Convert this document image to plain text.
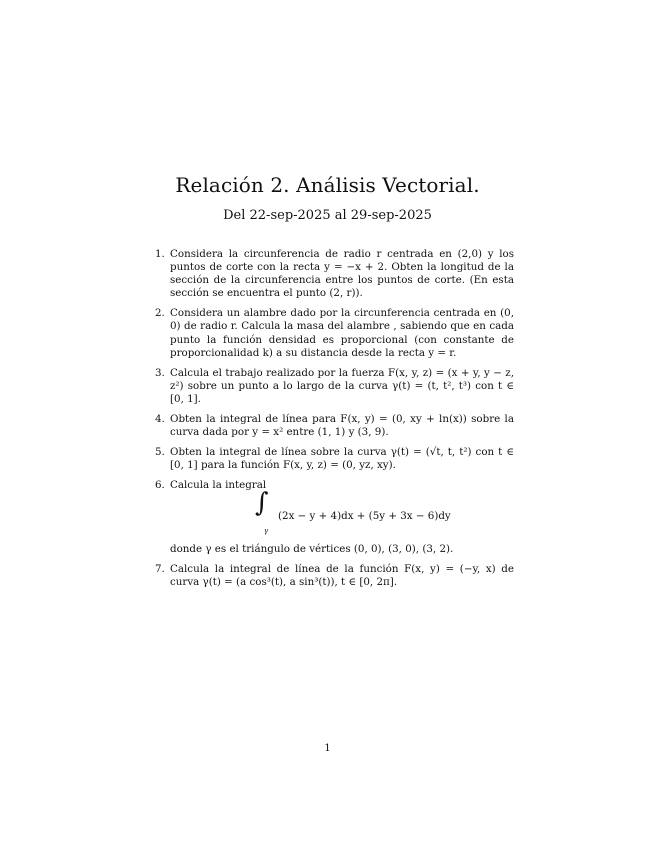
Relación 2. Análisis Vectorial.
Del 22-sep-2025 al 29-sep-2025
1. Considera la circunferencia de radio r centrada en (2,0) y los puntos de corte con la recta y = −x + 2. Obten la longitud de la sección de la circunferencia entre los puntos de corte. (En esta sección se encuentra el punto (2, r)).
2. Considera un alambre dado por la circunferencia centrada en (0, 0) de radio r. Calcula la masa del alambre , sabiendo que en cada punto la función densidad es proporcional (con constante de proporcionalidad k) a su distancia desde la recta y = r.
3. Calcula el trabajo realizado por la fuerza F(x, y, z) = (x + y, y − z, z²) sobre un punto a lo largo de la curva γ(t) = (t, t², t³) con t ∈ [0, 1].
4. Obten la integral de línea para F(x, y) = (0, xy + ln(x)) sobre la curva dada por y = x² entre (1, 1) y (3, 9).
5. Obten la integral de línea sobre la curva γ(t) = (√t, t, t²) con t ∈ [0, 1] para la función F(x, y, z) = (0, yz, xy).
6. Calcula la integral
∫
γ
(2x − y + 4)dx + (5y + 3x − 6)dy
donde γ es el triángulo de vértices (0, 0), (3, 0), (3, 2).
7. Calcula la integral de línea de la función F(x, y) = (−y, x) de curva γ(t) = (a cos³(t), a sin³(t)), t ∈ [0, 2π].
1
